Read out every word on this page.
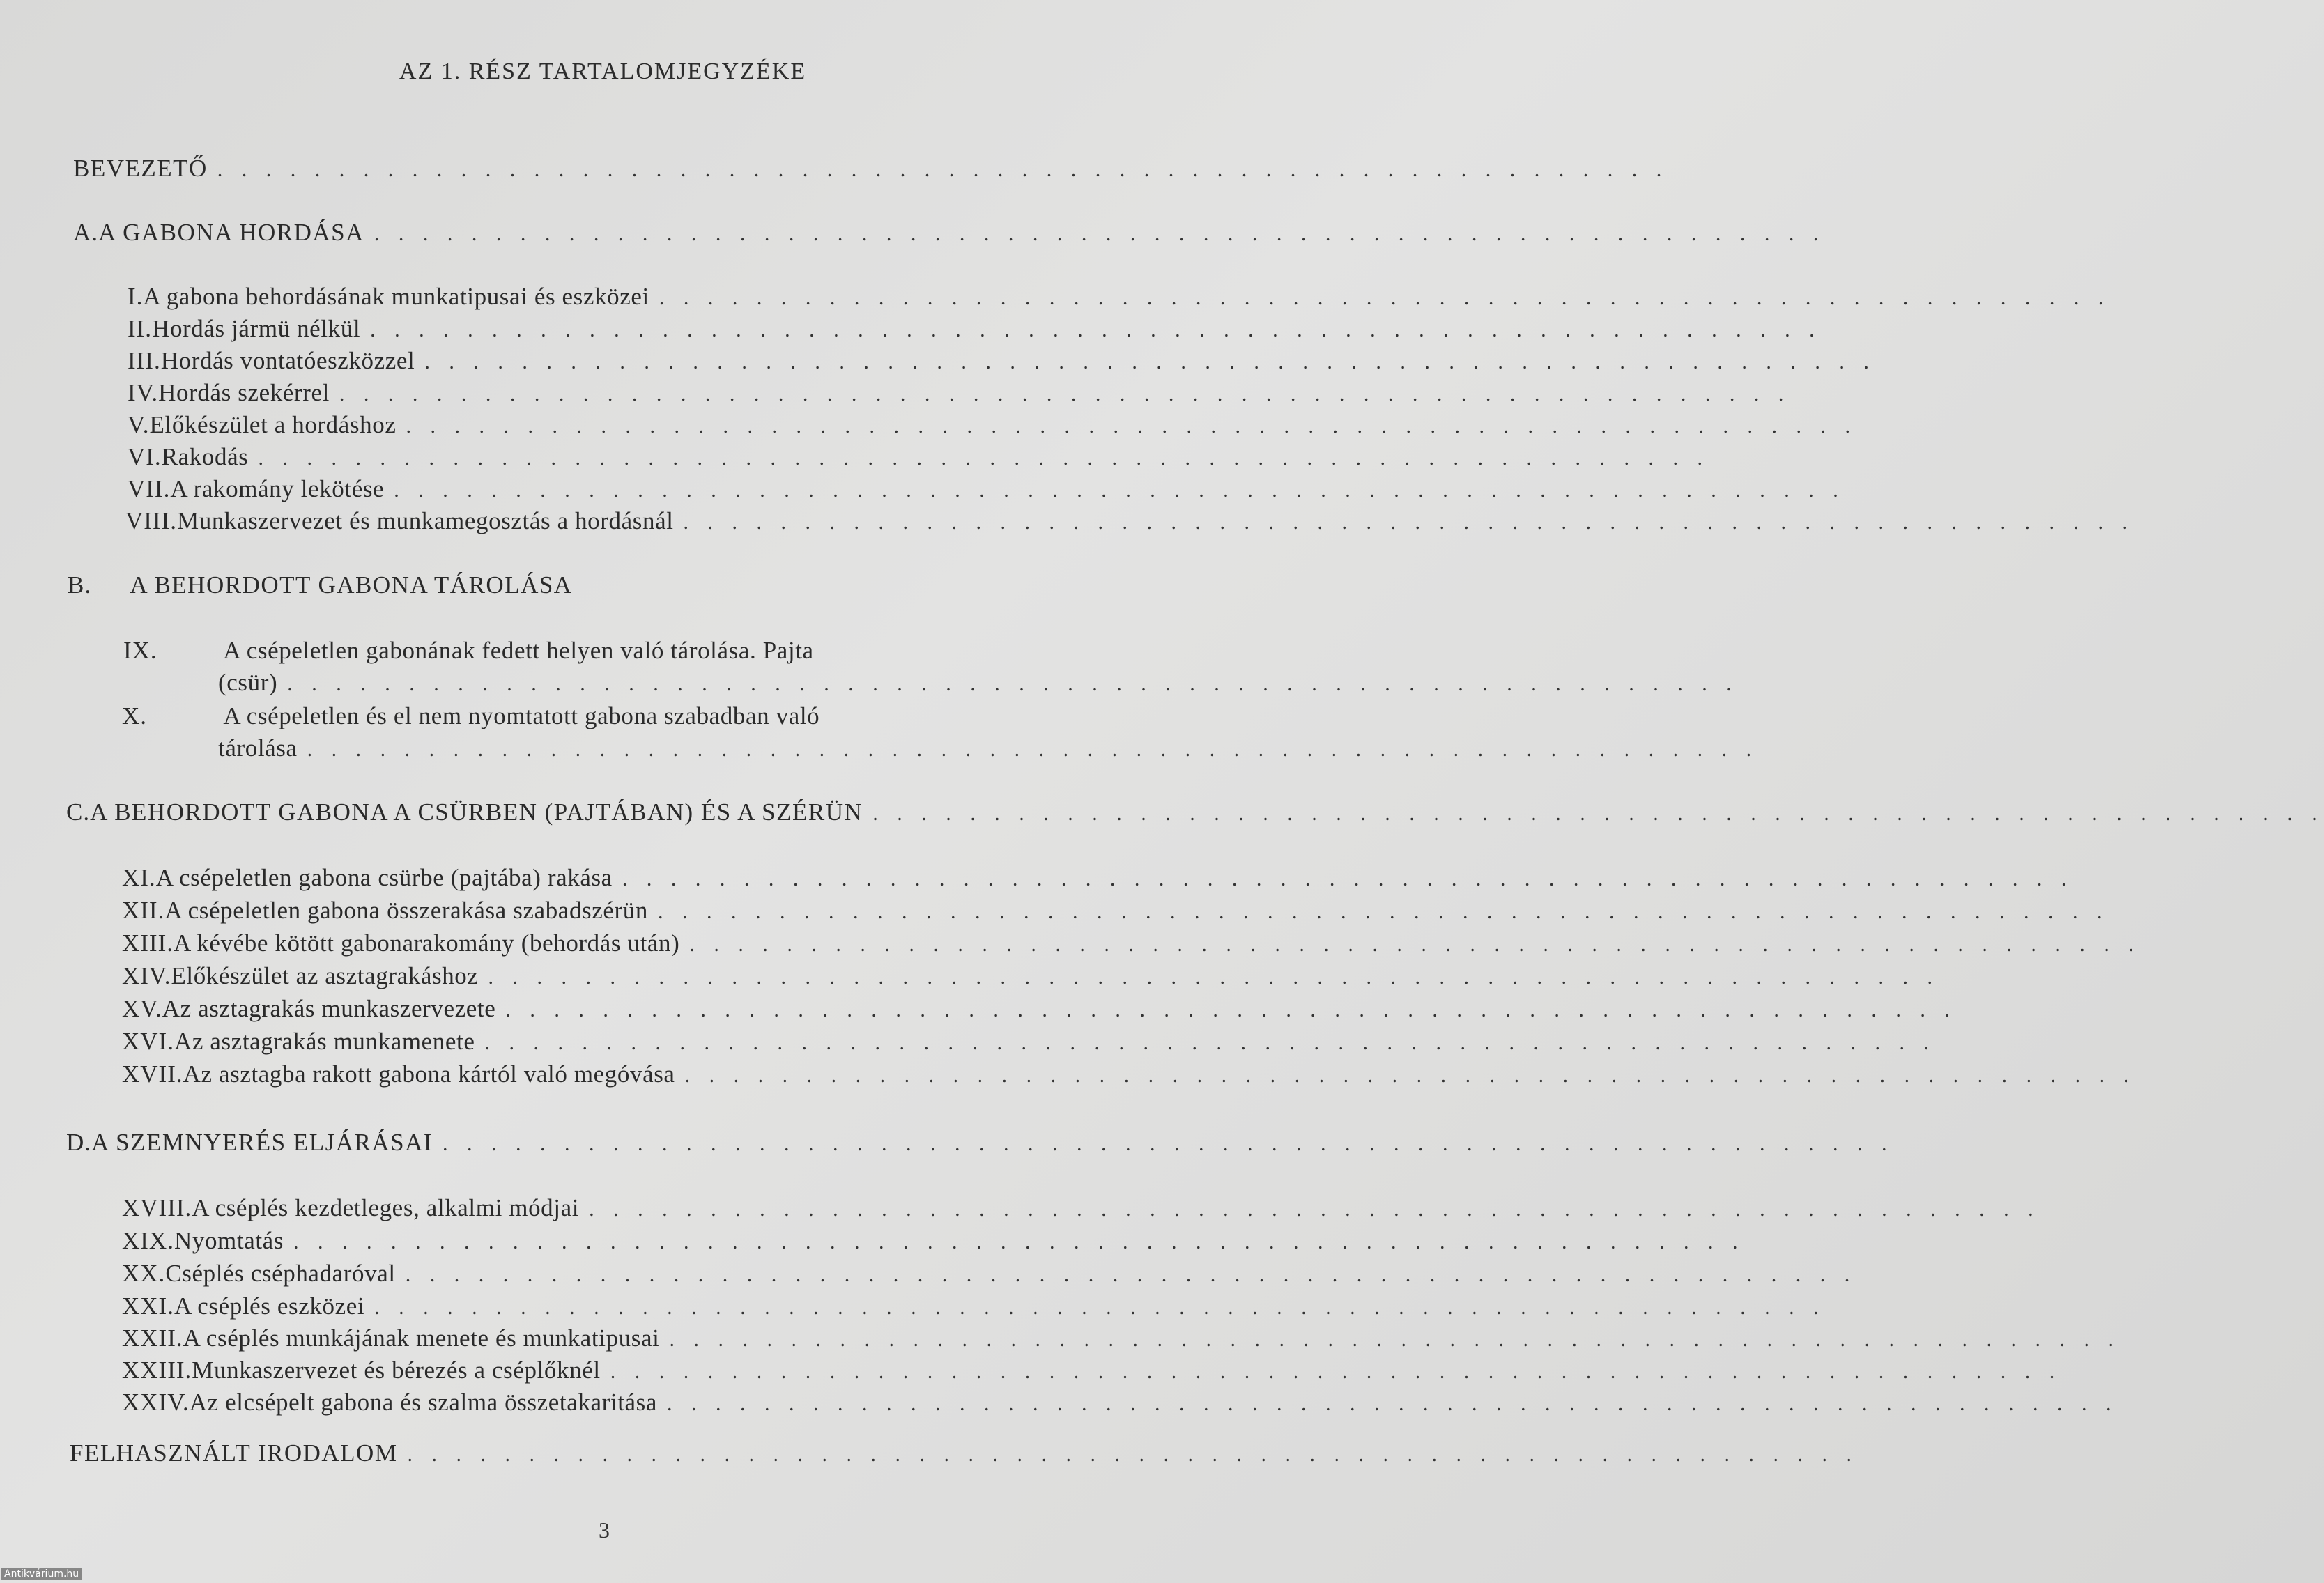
AZ 1. RÉSZ TARTALOMJEGYZÉKE
BEVEZETŐ . . . . . . . . . . . . . . . . . . . . . . . . . . . . . . . . . . . . . . . . . . . . . . . . . . . . . . . . . . . .
A. A GABONA HORDÁSA . . . . . . . . . . . . . . . . . . . . . . . . . . . . . . . . . . . . . . . . . . . . . . . . . . . . . . . . . . . .
I. A gabona behordásának munkatipusai és eszközei . . . . . . . . . . . . . . . . . . . . . . . . . . . . . . . . . . . . . . . . . . . . . . . . . . . . . . . . . . . .
II. Hordás jármü nélkül . . . . . . . . . . . . . . . . . . . . . . . . . . . . . . . . . . . . . . . . . . . . . . . . . . . . . . . . . . . .
III. Hordás vontatóeszközzel . . . . . . . . . . . . . . . . . . . . . . . . . . . . . . . . . . . . . . . . . . . . . . . . . . . . . . . . . . . .
IV. Hordás szekérrel . . . . . . . . . . . . . . . . . . . . . . . . . . . . . . . . . . . . . . . . . . . . . . . . . . . . . . . . . . . .
V. Előkészület a hordáshoz . . . . . . . . . . . . . . . . . . . . . . . . . . . . . . . . . . . . . . . . . . . . . . . . . . . . . . . . . . . .
VI. Rakodás . . . . . . . . . . . . . . . . . . . . . . . . . . . . . . . . . . . . . . . . . . . . . . . . . . . . . . . . . . . .
VII. A rakomány lekötése . . . . . . . . . . . . . . . . . . . . . . . . . . . . . . . . . . . . . . . . . . . . . . . . . . . . . . . . . . . .
VIII. Munkaszervezet és munkamegosztás a hordásnál . . . . . . . . . . . . . . . . . . . . . . . . . . . . . . . . . . . . . . . . . . . . . . . . . . . . . . . . . . . .
B. A BEHORDOTT GABONA TÁROLÁSA
IX.	A csépeletlen gabonának fedett helyen való tárolása. Pajta
(csür) . . . . . . . . . . . . . . . . . . . . . . . . . . . . . . . . . . . . . . . . . . . . . . . . . . . . . . . . . . . .
X.	A csépeletlen és el nem nyomtatott gabona szabadban való
tárolása . . . . . . . . . . . . . . . . . . . . . . . . . . . . . . . . . . . . . . . . . . . . . . . . . . . . . . . . . . . .
C. A BEHORDOTT GABONA A CSÜRBEN (PAJTÁBAN) ÉS A SZÉRÜN . . . . . . . . . . . . . . . . . . . . . . . . . . . . . . . . . . . . . . . . . . . . . . . . . . . . . . . . . . . .
XI. A csépeletlen gabona csürbe (pajtába) rakása . . . . . . . . . . . . . . . . . . . . . . . . . . . . . . . . . . . . . . . . . . . . . . . . . . . . . . . . . . . .
XII. A csépeletlen gabona összerakása szabadszérün . . . . . . . . . . . . . . . . . . . . . . . . . . . . . . . . . . . . . . . . . . . . . . . . . . . . . . . . . . . .
XIII. A kévébe kötött gabonarakomány (behordás után) . . . . . . . . . . . . . . . . . . . . . . . . . . . . . . . . . . . . . . . . . . . . . . . . . . . . . . . . . . . .
XIV. Előkészület az asztagrakáshoz . . . . . . . . . . . . . . . . . . . . . . . . . . . . . . . . . . . . . . . . . . . . . . . . . . . . . . . . . . . .
XV. Az asztagrakás munkaszervezete . . . . . . . . . . . . . . . . . . . . . . . . . . . . . . . . . . . . . . . . . . . . . . . . . . . . . . . . . . . .
XVI. Az asztagrakás munkamenete . . . . . . . . . . . . . . . . . . . . . . . . . . . . . . . . . . . . . . . . . . . . . . . . . . . . . . . . . . . .
XVII. Az asztagba rakott gabona kártól való megóvása . . . . . . . . . . . . . . . . . . . . . . . . . . . . . . . . . . . . . . . . . . . . . . . . . . . . . . . . . . . .
D. A SZEMNYERÉS ELJÁRÁSAI . . . . . . . . . . . . . . . . . . . . . . . . . . . . . . . . . . . . . . . . . . . . . . . . . . . . . . . . . . . .
XVIII. A cséplés kezdetleges, alkalmi módjai . . . . . . . . . . . . . . . . . . . . . . . . . . . . . . . . . . . . . . . . . . . . . . . . . . . . . . . . . . . .
XIX. Nyomtatás . . . . . . . . . . . . . . . . . . . . . . . . . . . . . . . . . . . . . . . . . . . . . . . . . . . . . . . . . . . .
XX. Cséplés cséphadaróval . . . . . . . . . . . . . . . . . . . . . . . . . . . . . . . . . . . . . . . . . . . . . . . . . . . . . . . . . . . .
XXI. A cséplés eszközei . . . . . . . . . . . . . . . . . . . . . . . . . . . . . . . . . . . . . . . . . . . . . . . . . . . . . . . . . . . .
XXII. A cséplés munkájának menete és munkatipusai . . . . . . . . . . . . . . . . . . . . . . . . . . . . . . . . . . . . . . . . . . . . . . . . . . . . . . . . . . . .
XXIII. Munkaszervezet és bérezés a cséplőknél . . . . . . . . . . . . . . . . . . . . . . . . . . . . . . . . . . . . . . . . . . . . . . . . . . . . . . . . . . . .
XXIV. Az elcsépelt gabona és szalma összetakaritása . . . . . . . . . . . . . . . . . . . . . . . . . . . . . . . . . . . . . . . . . . . . . . . . . . . . . . . . . . . .
FELHASZNÁLT IRODALOM . . . . . . . . . . . . . . . . . . . . . . . . . . . . . . . . . . . . . . . . . . . . . . . . . . . . . . . . . . . .
3
Antikvárium.hu
